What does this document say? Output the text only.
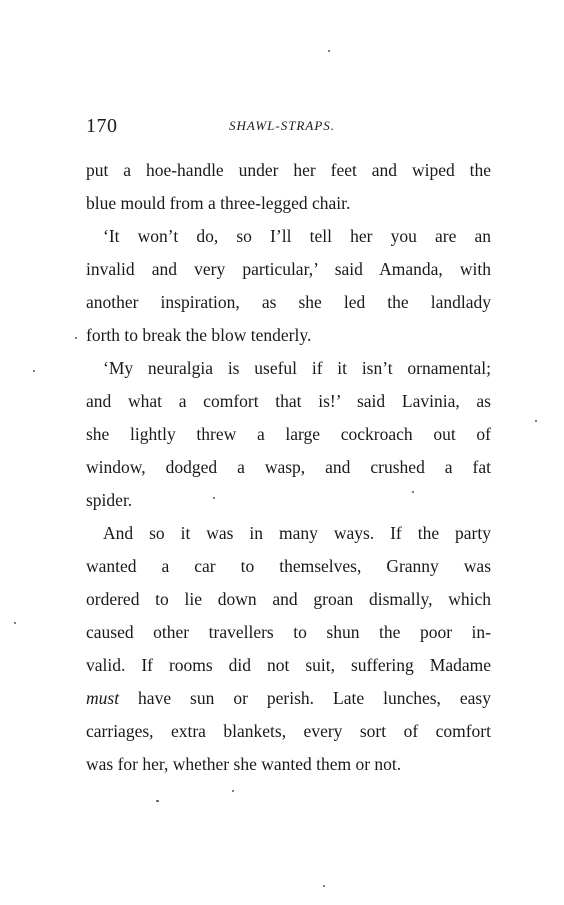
170	SHAWL-STRAPS.
put a hoe-handle under her feet and wiped the
blue mould from a three-legged chair.
‘It won’t do, so I’ll tell her you are an
invalid and very particular,’ said Amanda, with
another inspiration, as she led the landlady
forth to break the blow tenderly.
‘My neuralgia is useful if it isn’t ornamental;
and what a comfort that is!’ said Lavinia, as
she lightly threw a large cockroach out of
window, dodged a wasp, and crushed a fat
spider.
And so it was in many ways. If the party
wanted a car to themselves, Granny was
ordered to lie down and groan dismally, which
caused other travellers to shun the poor in-
valid. If rooms did not suit, suffering Madame
must have sun or perish. Late lunches, easy
carriages, extra blankets, every sort of comfort
was for her, whether she wanted them or not.
